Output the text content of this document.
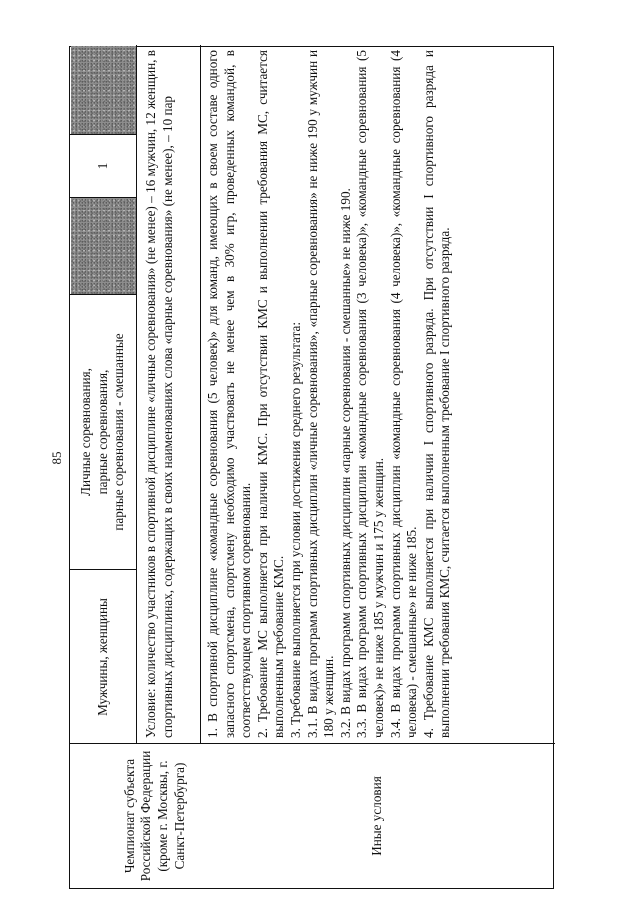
85
Чемпионат субъекта Российской Федерации (кроме г. Москвы, г. Санкт-Петербурга)
Мужчины, женщины
Личные соревнования, парные соревнования, парные соревнования - смешанные
1	Условие: количество участников в спортивной дисциплине «личные соревнования» (не менее) – 16 мужчин, 12 женщин, в спортивных дисциплинах, содержащих в своих наименованиях слова «парные соревнования» (не менее), – 10 пар
Иные условия
1. В спортивной дисциплине «командные соревнования (5 человек)» для команд, имеющих в своем составе одного запасного спортсмена, спортсмену необходимо участвовать не менее чем в 30% игр, проведенных командой, в соответствующем спортивном соревновании. 2. Требование МС выполняется при наличии КМС. При отсутствии КМС и выполнении требования МС, считается выполненным требование КМС. 3. Требование выполняется при условии достижения среднего результата: 3.1. В видах программ спортивных дисциплин «личные соревнования», «парные соревнования» не ниже 190 у мужчин и 180 у женщин. 3.2. В видах программ спортивных дисциплин «парные соревнования - смешанные» не ниже 190. 3.3. В видах программ спортивных дисциплин «командные соревнования (3 человека)», «командные соревнования (5 человек)» не ниже 185 у мужчин и 175 у женщин. 3.4. В видах программ спортивных дисциплин «командные соревнования (4 человека)», «командные соревнования (4 человека) - смешанные» не ниже 185. 4. Требование КМС выполняется при наличии I спортивного разряда. При отсутствии I спортивного разряда и выполнении требования КМС, считается выполненным требование I спортивного разряда.
